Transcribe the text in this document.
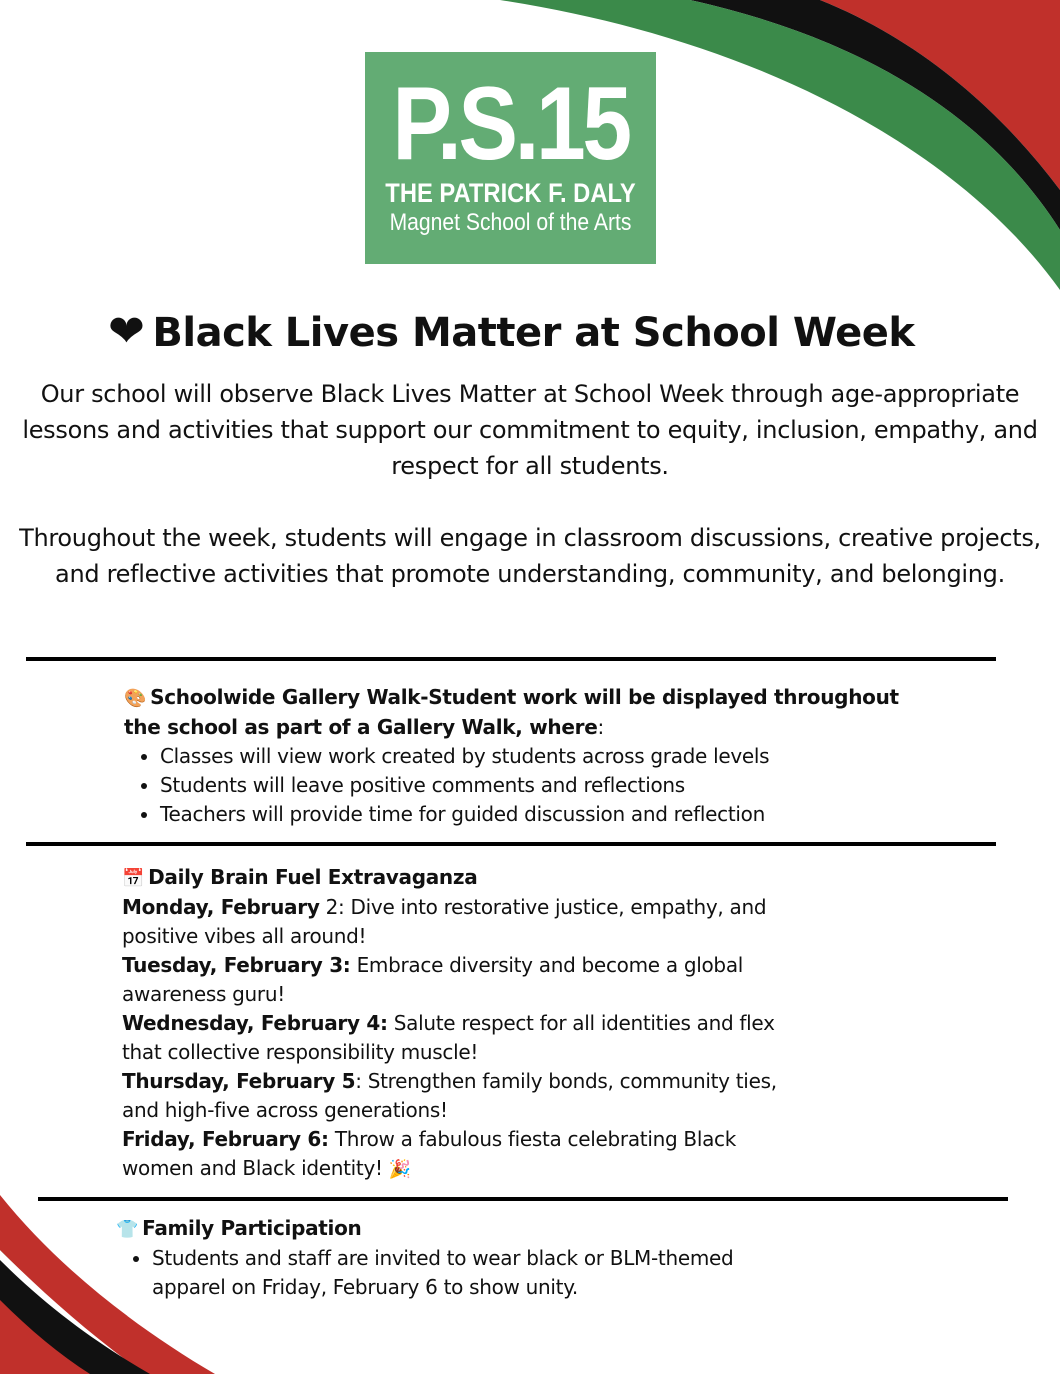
P.S.15
THE PATRICK F. DALY
Magnet School of the Arts
❤ Black Lives Matter at School Week

Our school will observe Black Lives Matter at School Week through age-appropriate lessons and activities that support our commitment to equity, inclusion, empathy, and respect for all students.

Throughout the week, students will engage in classroom discussions, creative projects, and reflective activities that promote understanding, community, and belonging.

🎨 Schoolwide Gallery Walk-Student work will be displayed throughout the school as part of a Gallery Walk, where:
• Classes will view work created by students across grade levels
• Students will leave positive comments and reflections
• Teachers will provide time for guided discussion and reflection
📅 Daily Brain Fuel Extravaganza
Monday, February 2: Dive into restorative justice, empathy, and positive vibes all around!
Tuesday, February 3: Embrace diversity and become a global awareness guru!
Wednesday, February 4: Salute respect for all identities and flex that collective responsibility muscle!
Thursday, February 5: Strengthen family bonds, community ties, and high-five across generations!
Friday, February 6: Throw a fabulous fiesta celebrating Black women and Black identity! 🎉
👕 Family Participation
• Students and staff are invited to wear black or BLM-themed apparel on Friday, February 6 to show unity.
